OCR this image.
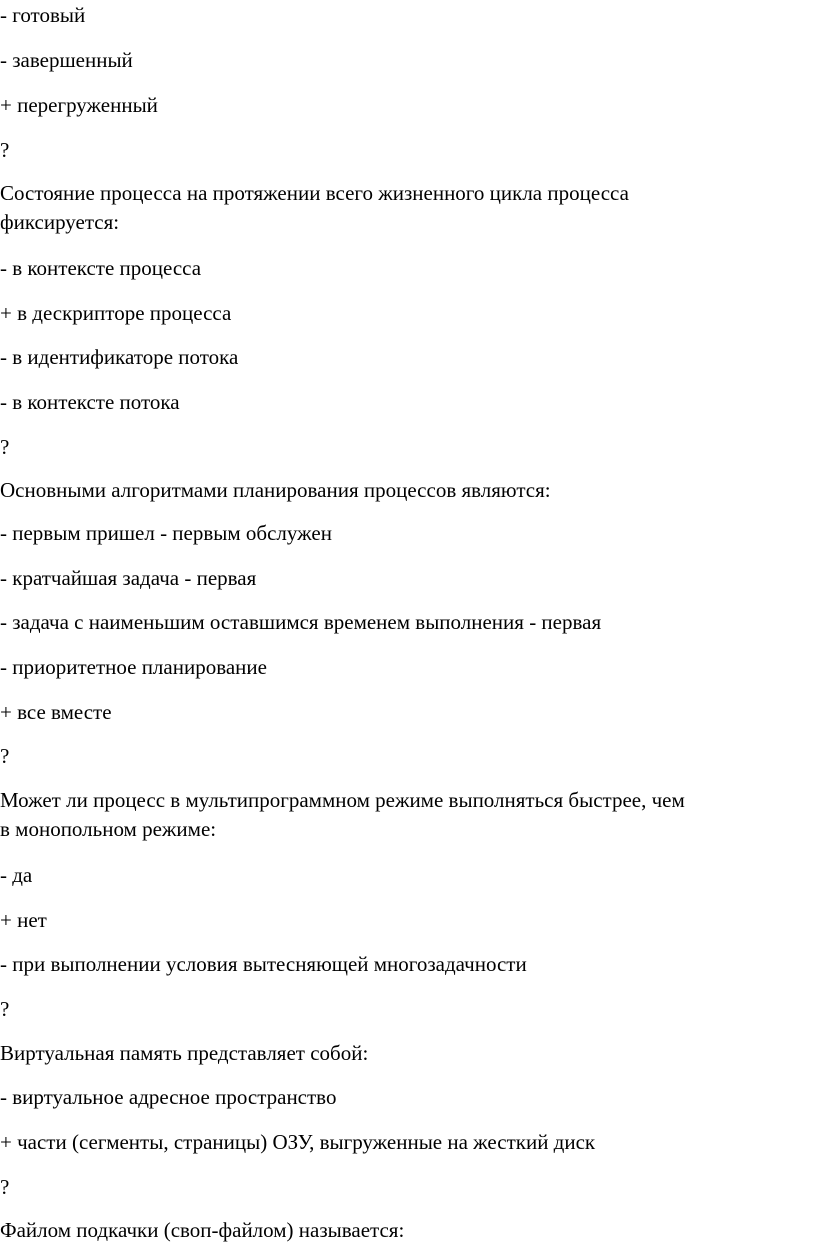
- готовый

- завершенный

+ перегруженный

?

Состояние процесса на протяжении всего жизненного цикла процесса

фиксируется:

- в контексте процесса

+ в дескрипторе процесса

- в идентификаторе потока

- в контексте потока

?

Основными алгоритмами планирования процессов являются:

- первым пришел - первым обслужен

- кратчайшая задача - первая

- задача с наименьшим оставшимся временем выполнения - первая

- приоритетное планирование

+ все вместе

?

Может ли процесс в мультипрограммном режиме выполняться быстрее, чем

в монопольном режиме:

- да

+ нет

- при выполнении условия вытесняющей многозадачности

?

Виртуальная память представляет собой:

- виртуальное адресное пространство

+ части (сегменты, страницы) ОЗУ, выгруженные на жесткий диск

?

Файлом подкачки (своп-файлом) называется:
